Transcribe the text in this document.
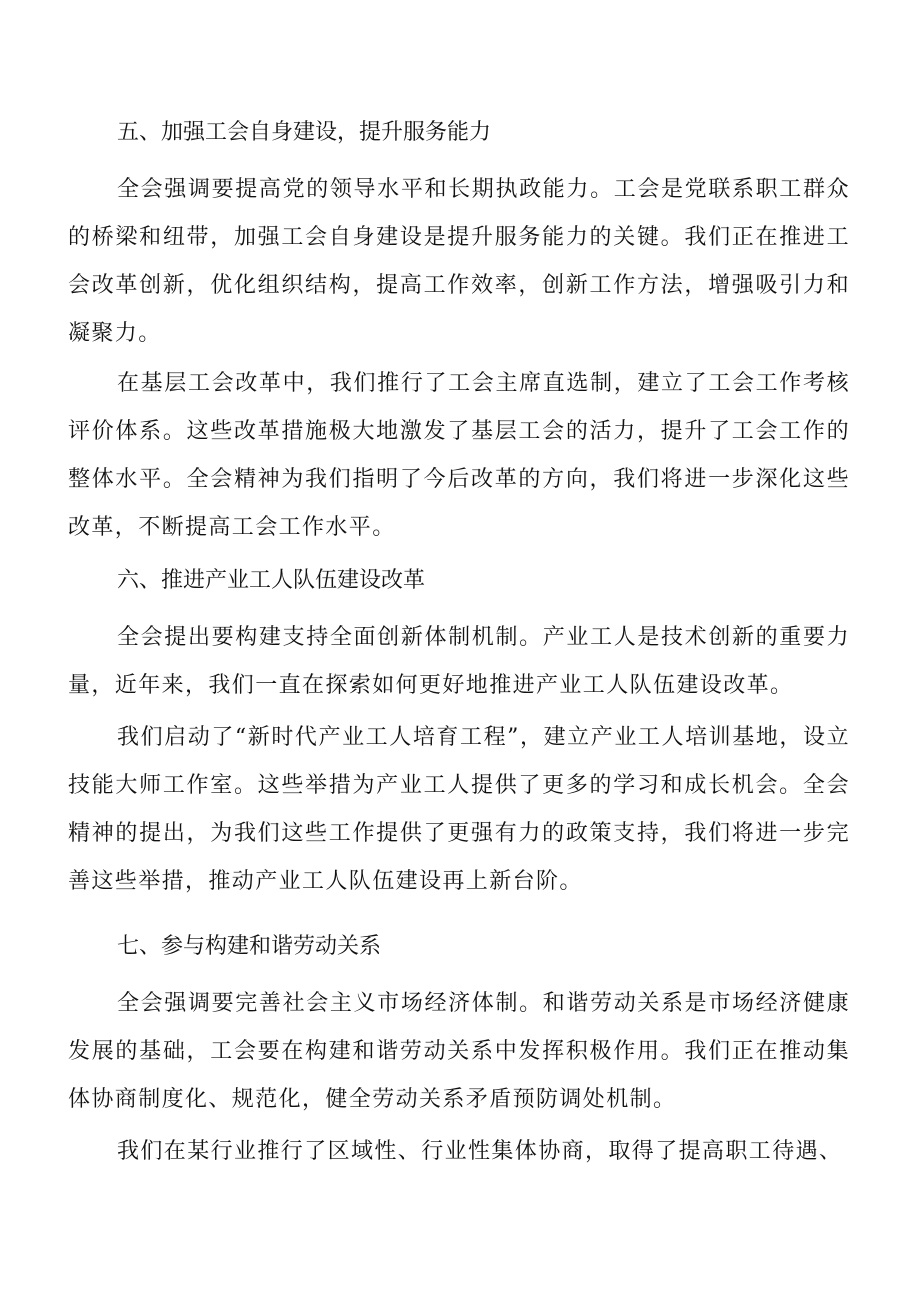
五、加强工会自身建设，提升服务能力

全会强调要提高党的领导水平和长期执政能力。工会是党联系职工群众的桥梁和纽带，加强工会自身建设是提升服务能力的关键。我们正在推进工会改革创新，优化组织结构，提高工作效率，创新工作方法，增强吸引力和凝聚力。

在基层工会改革中，我们推行了工会主席直选制，建立了工会工作考核评价体系。这些改革措施极大地激发了基层工会的活力，提升了工会工作的整体水平。全会精神为我们指明了今后改革的方向，我们将进一步深化这些改革，不断提高工会工作水平。

六、推进产业工人队伍建设改革

全会提出要构建支持全面创新体制机制。产业工人是技术创新的重要力量，近年来，我们一直在探索如何更好地推进产业工人队伍建设改革。

我们启动了“新时代产业工人培育工程”，建立产业工人培训基地，设立技能大师工作室。这些举措为产业工人提供了更多的学习和成长机会。全会精神的提出，为我们这些工作提供了更强有力的政策支持，我们将进一步完善这些举措，推动产业工人队伍建设再上新台阶。

七、参与构建和谐劳动关系

全会强调要完善社会主义市场经济体制。和谐劳动关系是市场经济健康发展的基础，工会要在构建和谐劳动关系中发挥积极作用。我们正在推动集体协商制度化、规范化，健全劳动关系矛盾预防调处机制。

我们在某行业推行了区域性、行业性集体协商，取得了提高职工待遇、
